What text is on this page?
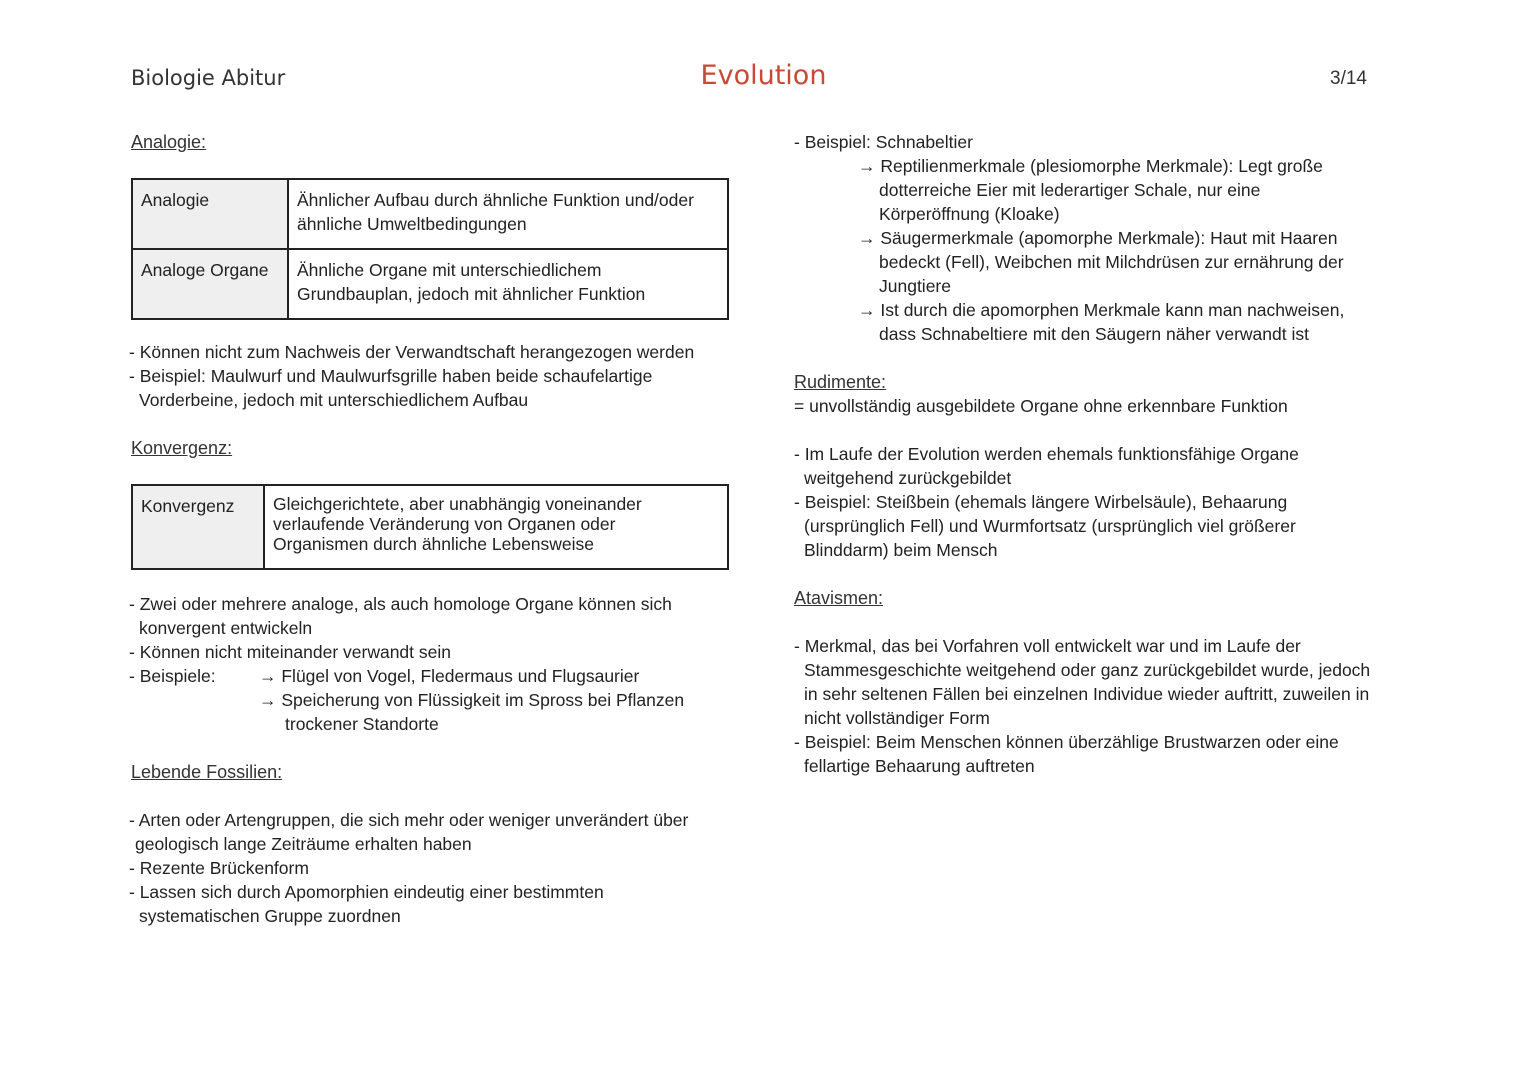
Biologie Abitur	Evolution	3/14
Analogie:
Analogie	Ähnlicher Aufbau durch ähnliche Funktion und/oder
ähnliche Umweltbedingungen

Analoge Organe	Ähnliche Organe mit unterschiedlichem
Grundbauplan, jedoch mit ähnlicher Funktion
- Können nicht zum Nachweis der Verwandtschaft herangezogen werden
- Beispiel: Maulwurf und Maulwurfsgrille haben beide schaufelartige
Vorderbeine, jedoch mit unterschiedlichem Aufbau
Konvergenz:
Konvergenz	Gleichgerichtete, aber unabhängig voneinander
verlaufende Veränderung von Organen oder
Organismen durch ähnliche Lebensweise
- Zwei oder mehrere analoge, als auch homologe Organe können sich
konvergent entwickeln
- Können nicht miteinander verwandt sein
- Beispiele: → Flügel von Vogel, Fledermaus und Flugsaurier
→ Speicherung von Flüssigkeit im Spross bei Pflanzen
trockener Standorte
Lebende Fossilien:
- Arten oder Artengruppen, die sich mehr oder weniger unverändert über
geologisch lange Zeiträume erhalten haben
- Rezente Brückenform
- Lassen sich durch Apomorphien eindeutig einer bestimmten
systematischen Gruppe zuordnen
- Beispiel: Schnabeltier
→ Reptilienmerkmale (plesiomorphe Merkmale): Legt große
dotterreiche Eier mit lederartiger Schale, nur eine
Körperöffnung (Kloake)
→ Säugermerkmale (apomorphe Merkmale): Haut mit Haaren
bedeckt (Fell), Weibchen mit Milchdrüsen zur ernährung der
Jungtiere
→ Ist durch die apomorphen Merkmale kann man nachweisen,
dass Schnabeltiere mit den Säugern näher verwandt ist
Rudimente:
= unvollständig ausgebildete Organe ohne erkennbare Funktion
- Im Laufe der Evolution werden ehemals funktionsfähige Organe
weitgehend zurückgebildet
- Beispiel: Steißbein (ehemals längere Wirbelsäule), Behaarung
(ursprünglich Fell) und Wurmfortsatz (ursprünglich viel größerer
Blinddarm) beim Mensch
Atavismen:
- Merkmal, das bei Vorfahren voll entwickelt war und im Laufe der
Stammesgeschichte weitgehend oder ganz zurückgebildet wurde, jedoch
in sehr seltenen Fällen bei einzelnen Individue wieder auftritt, zuweilen in
nicht vollständiger Form
- Beispiel: Beim Menschen können überzählige Brustwarzen oder eine
fellartige Behaarung auftreten
